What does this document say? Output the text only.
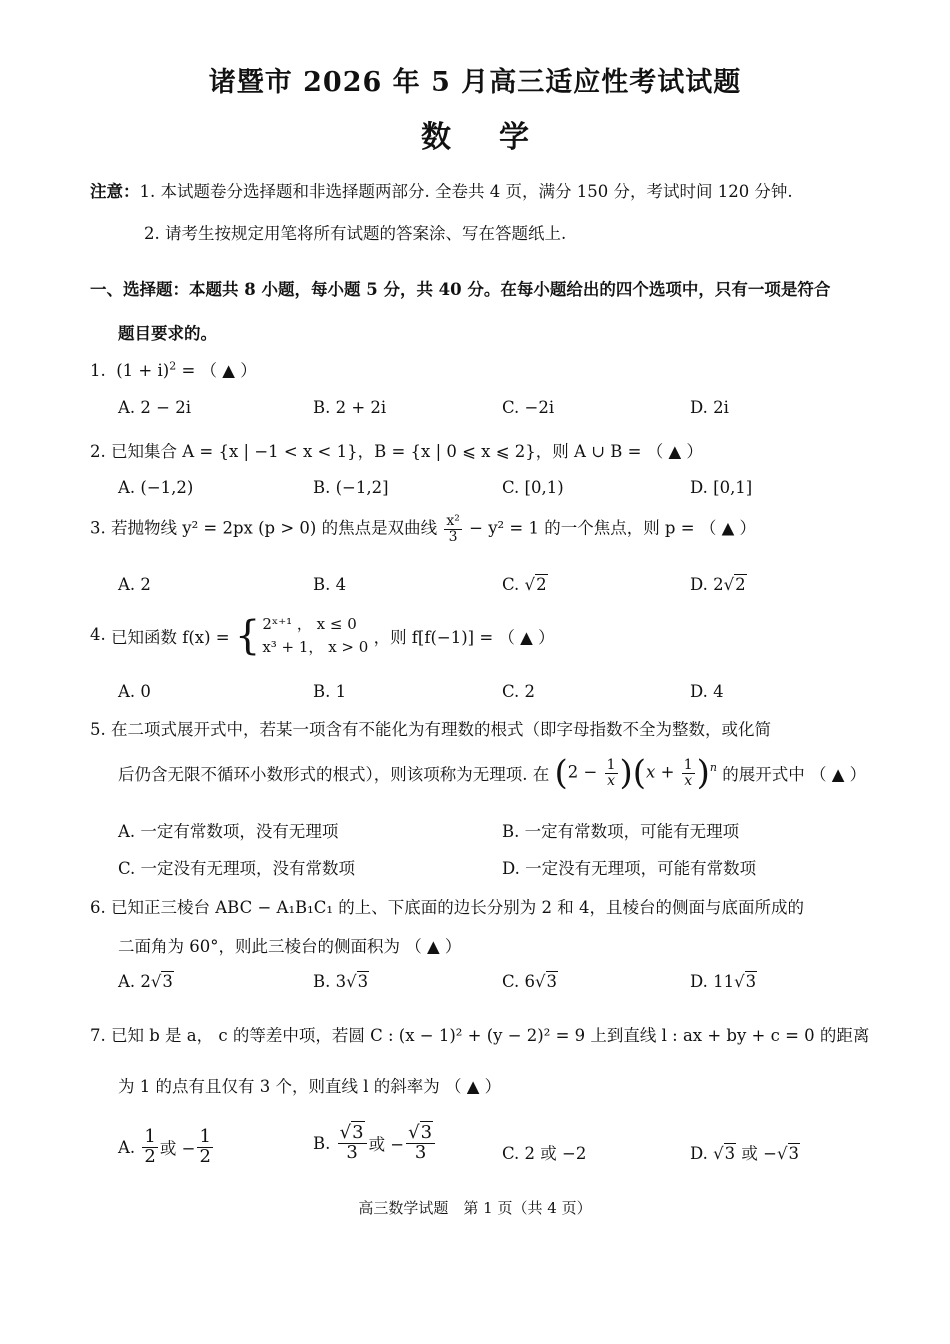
诸暨市 2026 年 5 月高三适应性考试试题
数学
注意：1. 本试题卷分选择题和非选择题两部分. 全卷共 4 页，满分 150 分，考试时间 120 分钟.
2. 请考生按规定用笔将所有试题的答案涂、写在答题纸上.
一、选择题：本题共 8 小题，每小题 5 分，共 40 分。在每小题给出的四个选项中，只有一项是符合
题目要求的。
1.  $(1 + i)^2$ = （ ▲ ）
A. 2 − 2i	B. 2 + 2i	C. −2i	D. 2i
2. 已知集合 A = {x | −1 < x < 1}，B = {x | 0 ⩽ x ⩽ 2}，则 A ∪ B = （ ▲ ）
A. (−1,2)	B. (−1,2]	C. [0,1)	D. [0,1]
3. 若抛物线 y² = 2px (p > 0) 的焦点是双曲线 $\frac{\text{x²}}{3} - y^2 = 1$ 的一个焦点，则 p = （ ▲ ）
A. 2	B. 4	C. √2	D. 2√2
4. 已知函数 f(x) = { 2ˣ⁺¹ ， x ≤ 0
x³ + 1， x > 0 ，则 f[f(−1)] = （ ▲ ）
A. 0	B. 1	C. 2	D. 4
5. 在二项式展开式中，若某一项含有不能化为有理数的根式（即字母指数不全为整数，或化简
后仍含无限不循环小数形式的根式），则该项称为无理项. 在 $(2 - \frac{1}{x} )(x + \frac{1}{x} )^n$ 的展开式中 （ ▲ ）
A. 一定有常数项，没有无理项	B. 一定有常数项，可能有无理项
C. 一定没有无理项，没有常数项	D. 一定没有无理项，可能有常数项
6. 已知正三棱台 ABC − A₁B₁C₁ 的上、下底面的边长分别为 2 和 4，且棱台的侧面与底面所成的
二面角为 60°，则此三棱台的侧面积为 （ ▲ ）
A. 2√3	B. 3√3	C. 6√3	D. 11√3
7. 已知 b 是 a， c 的等差中项，若圆 C : (x − 1)² + (y − 2)² = 9 上到直线 l : ax + by + c = 0 的距离
为 1 的点有且仅有 3 个，则直线 l 的斜率为 （ ▲ ）
A. $\frac{1}{2}$ 或 − $\frac{1}{2}$	B. $\frac{√3}{3}$ 或 − $\frac{√3}{3}$	C. 2 或 −2	D. √3 或 −√3
高三数学试题　第 1 页（共 4 页）
